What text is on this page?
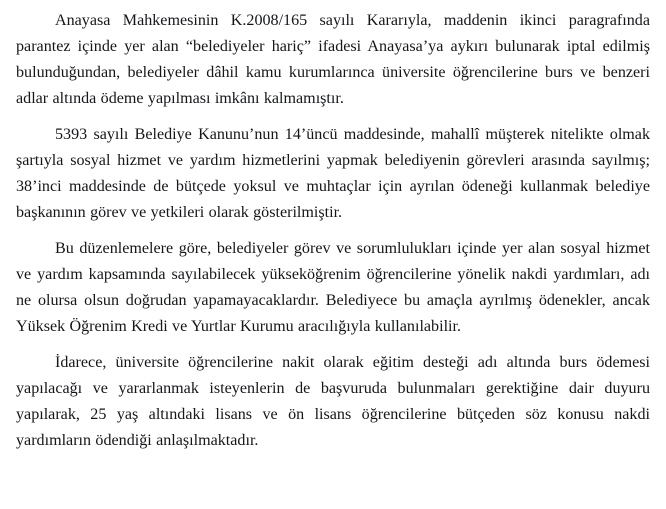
Anayasa Mahkemesinin K.2008/165 sayılı Kararıyla, maddenin ikinci paragrafında parantez içinde yer alan “belediyeler hariç” ifadesi Anayasa’ya aykırı bulunarak iptal edilmiş bulunduğundan, belediyeler dâhil kamu kurumlarınca üniversite öğrencilerine burs ve benzeri adlar altında ödeme yapılması imkânı kalmamıştır.

5393 sayılı Belediye Kanunu’nun 14’üncü maddesinde, mahallî müşterek nitelikte olmak şartıyla sosyal hizmet ve yardım hizmetlerini yapmak belediyenin görevleri arasında sayılmış; 38’inci maddesinde de bütçede yoksul ve muhtaçlar için ayrılan ödeneği kullanmak belediye başkanının görev ve yetkileri olarak gösterilmiştir.

Bu düzenlemelere göre, belediyeler görev ve sorumlulukları içinde yer alan sosyal hizmet ve yardım kapsamında sayılabilecek yükseköğrenim öğrencilerine yönelik nakdi yardımları, adı ne olursa olsun doğrudan yapamayacaklardır. Belediyece bu amaçla ayrılmış ödenekler, ancak Yüksek Öğrenim Kredi ve Yurtlar Kurumu aracılığıyla kullanılabilir.

İdarece, üniversite öğrencilerine nakit olarak eğitim desteği adı altında burs ödemesi yapılacağı ve yararlanmak isteyenlerin de başvuruda bulunmaları gerektiğine dair duyuru yapılarak, 25 yaş altındaki lisans ve ön lisans öğrencilerine bütçeden söz konusu nakdi yardımların ödendiği anlaşılmaktadır.
